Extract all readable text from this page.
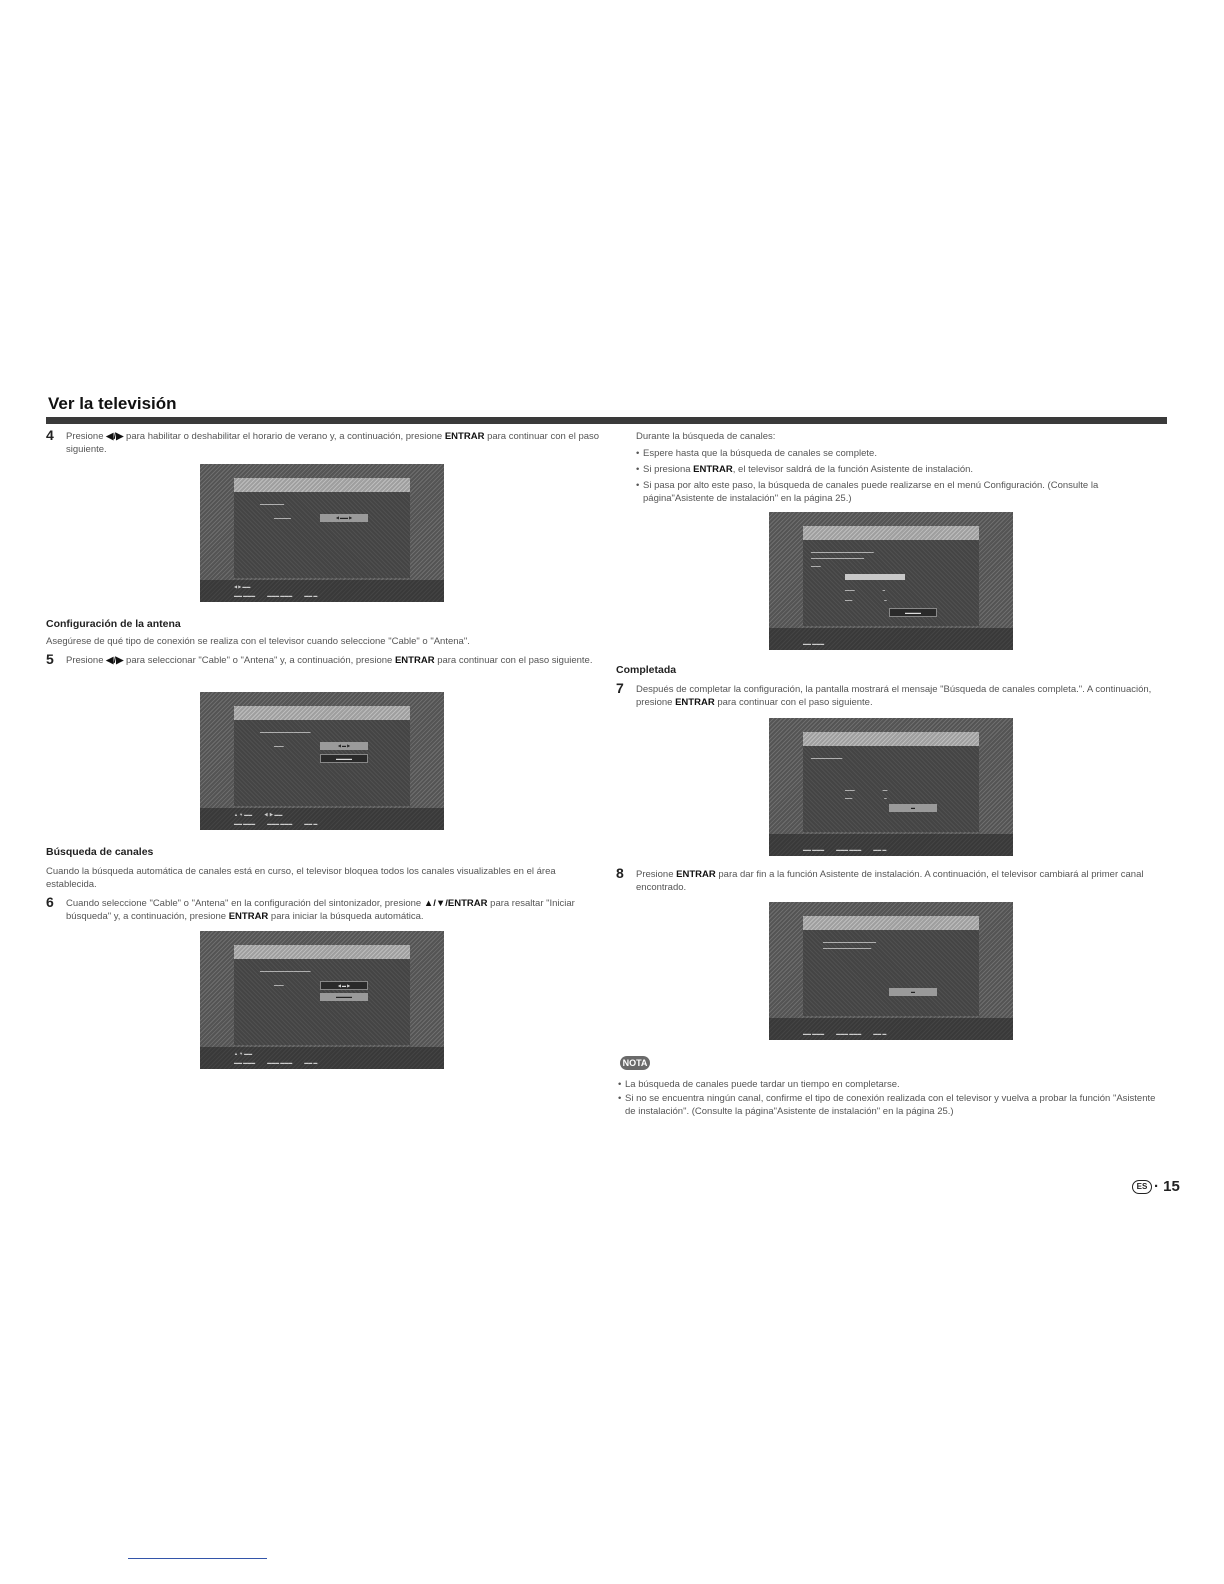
Ver la televisión
4 Presione ◀/▶ para habilitar o deshabilitar el horario de verano y, a continuación, presione ENTRAR para continuar con el paso siguiente.
━━━━━━━━━━
━━━━━━━	◀ ▬▬ ▶
◀ ▶ ▬▬
▬▬ ▬▬▬　　　▬▬▬ ▬▬▬　　　▬▬ ▬

Configuración de la antena

Asegúrese de qué tipo de conexión se realiza con el televisor cuando seleccione "Cable" o "Antena".

5 Presione ◀/▶ para seleccionar "Cable" o "Antena" y, a continuación, presione ENTRAR para continuar con el paso siguiente.
━━━━━━━━━━━━━━━━━━━━━
━━━━	◀ ▬ ▶
▬▬▬▬
▲ ▼ ▬▬　　　◀ ▶ ▬▬
▬▬ ▬▬▬　　　▬▬▬ ▬▬▬　　　▬▬ ▬

Búsqueda de canales

Cuando la búsqueda automática de canales está en curso, el televisor bloquea todos los canales visualizables en el área establecida.

6 Cuando seleccione "Cable" o "Antena" en la configuración del sintonizador, presione ▲/▼/ENTRAR para resaltar "Iniciar búsqueda" y, a continuación, presione ENTRAR para iniciar la búsqueda automática.
━━━━━━━━━━━━━━━━━━━━━
━━━━	◀ ▬ ▶
▬▬▬▬
▲ ▼ ▬▬
▬▬ ▬▬▬　　　▬▬▬ ▬▬▬　　　▬▬ ▬

Durante la búsqueda de canales:

• Espere hasta que la búsqueda de canales se complete.
• Si presiona ENTRAR, el televisor saldrá de la función Asistente de instalación.
• Si pasa por alto este paso, la búsqueda de canales puede realizarse en el menú Configuración. (Consulte la página"Asistente de instalación" en la página 25.)
━━━━━━━━━━━━━━━━━━━━━━━━━━
━━━━━━━━━━━━━━━━━━━━━━
━━━━
━━━━　　　　　　　━
━━━　　　　　　　　━
▬▬▬▬
▬▬ ▬▬▬

Completada

7 Después de completar la configuración, la pantalla mostrará el mensaje "Búsqueda de canales completa.". A continuación, presione ENTRAR para continuar con el paso siguiente.
━━━━━━━━━━━━━
━━━━　　　　　　　━━
━━━　　　　　　　　━
▬
▬▬ ▬▬▬　　　▬▬▬ ▬▬▬　　　▬▬ ▬
8 Presione ENTRAR para dar fin a la función Asistente de instalación. A continuación, el televisor cambiará al primer canal encontrado.
━━━━━━━━━━━━━━━━━━━━━━
━━━━━━━━━━━━━━━━━━━━
▬
▬▬ ▬▬▬　　　▬▬▬ ▬▬▬　　　▬▬ ▬
NOTA
• La búsqueda de canales puede tardar un tiempo en completarse.
• Si no se encuentra ningún canal, confirme el tipo de conexión realizada con el televisor y vuelva a probar la función "Asistente de instalación". (Consulte la página"Asistente de instalación" en la página 25.)
ES · 15
